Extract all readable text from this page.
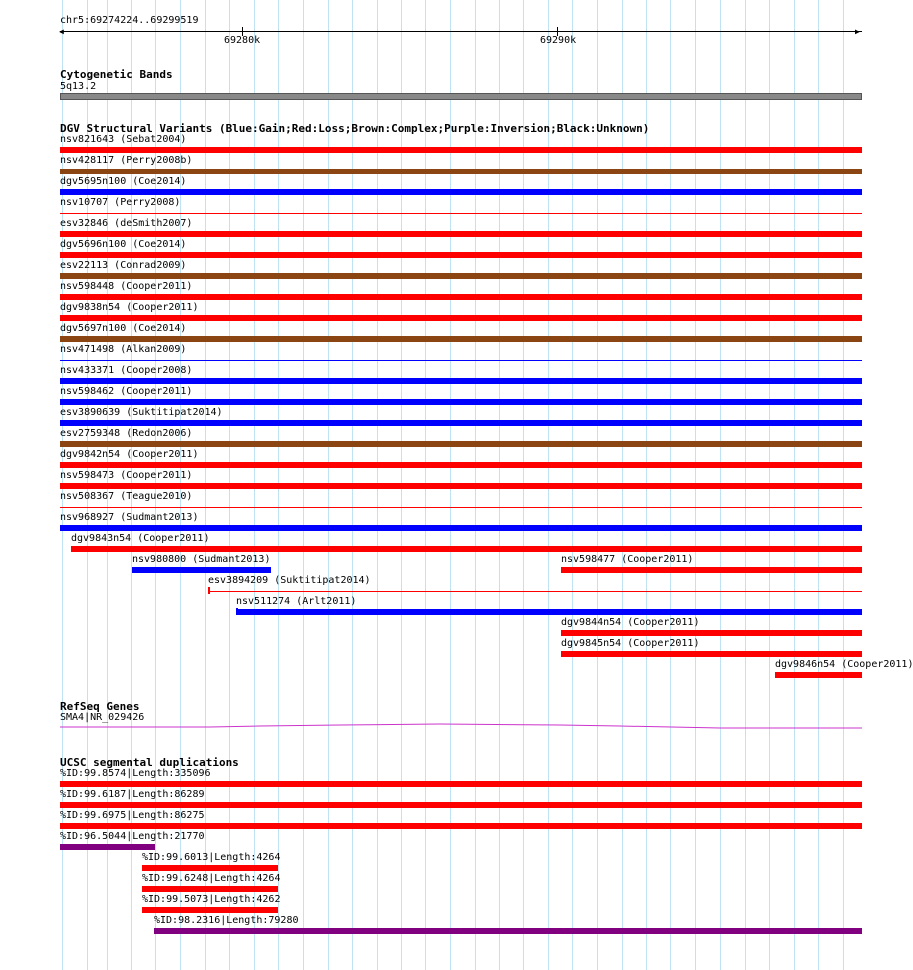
chr5:69274224..69299519
◀	▶
69280k	69290k
Cytogenetic Bands
5q13.2
DGV Structural Variants (Blue:Gain;Red:Loss;Brown:Complex;Purple:Inversion;Black:Unknown)
nsv821643 (Sebat2004)
nsv428117 (Perry2008b)
dgv5695n100 (Coe2014)
nsv10707 (Perry2008)
esv32846 (deSmith2007)
dgv5696n100 (Coe2014)
esv22113 (Conrad2009)
nsv598448 (Cooper2011)
dgv9838n54 (Cooper2011)
dgv5697n100 (Coe2014)
nsv471498 (Alkan2009)
nsv433371 (Cooper2008)
nsv598462 (Cooper2011)
esv3890639 (Suktitipat2014)
esv2759348 (Redon2006)
dgv9842n54 (Cooper2011)
nsv598473 (Cooper2011)
nsv508367 (Teague2010)
nsv968927 (Sudmant2013)
dgv9843n54 (Cooper2011)
nsv980800 (Sudmant2013)	nsv598477 (Cooper2011)
esv3894209 (Suktitipat2014)
nsv511274 (Arlt2011)
dgv9844n54 (Cooper2011)
dgv9845n54 (Cooper2011)
dgv9846n54 (Cooper2011)
RefSeq Genes
SMA4|NR_029426
UCSC segmental duplications
%ID:99.8574|Length:335096
%ID:99.6187|Length:86289
%ID:99.6975|Length:86275
%ID:96.5044|Length:21770
%ID:99.6013|Length:4264
%ID:99.6248|Length:4264
%ID:99.5073|Length:4262
%ID:98.2316|Length:79280
